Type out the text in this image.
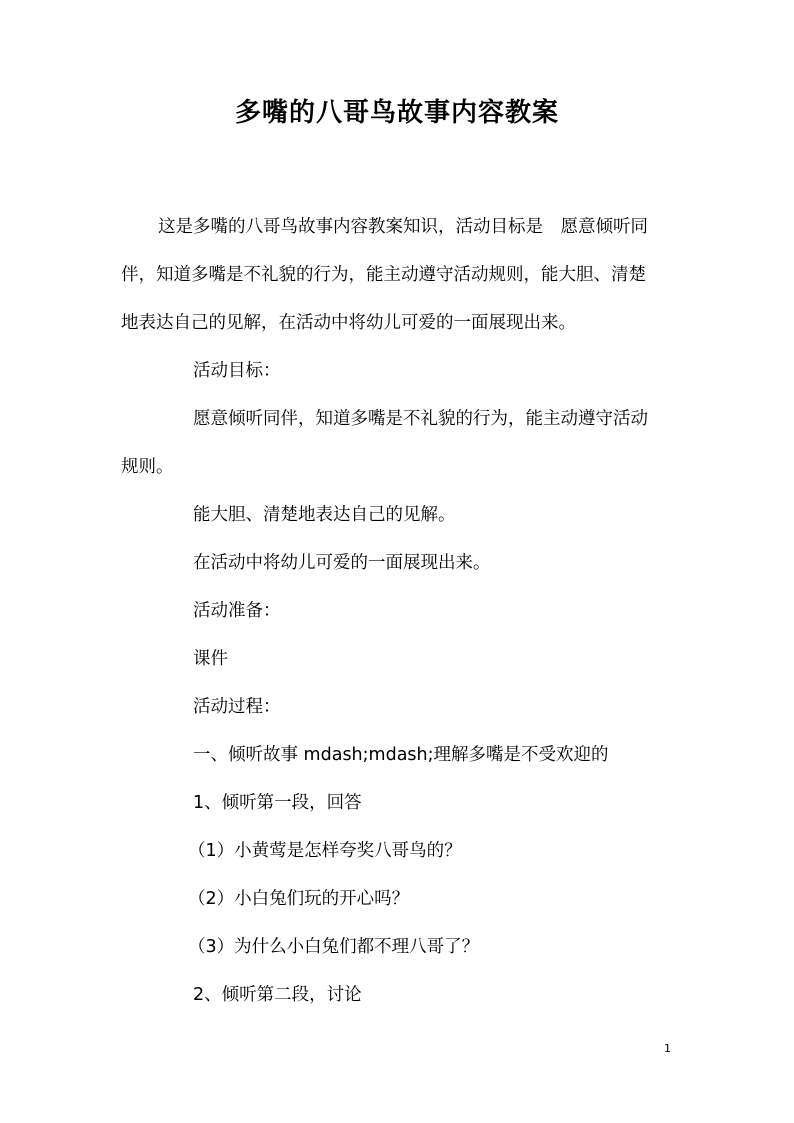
多嘴的八哥鸟故事内容教案
这是多嘴的八哥鸟故事内容教案知识，活动目标是　愿意倾听同
伴，知道多嘴是不礼貌的行为，能主动遵守活动规则，能大胆、清楚
地表达自己的见解，在活动中将幼儿可爱的一面展现出来。
活动目标：
愿意倾听同伴，知道多嘴是不礼貌的行为，能主动遵守活动
规则。
能大胆、清楚地表达自己的见解。
在活动中将幼儿可爱的一面展现出来。
活动准备：
课件
活动过程：
一、倾听故事 mdash;mdash;理解多嘴是不受欢迎的
1、倾听第一段，回答
（1）小黄莺是怎样夸奖八哥鸟的？
（2）小白兔们玩的开心吗？
（3）为什么小白兔们都不理八哥了？
2、倾听第二段，讨论
1
